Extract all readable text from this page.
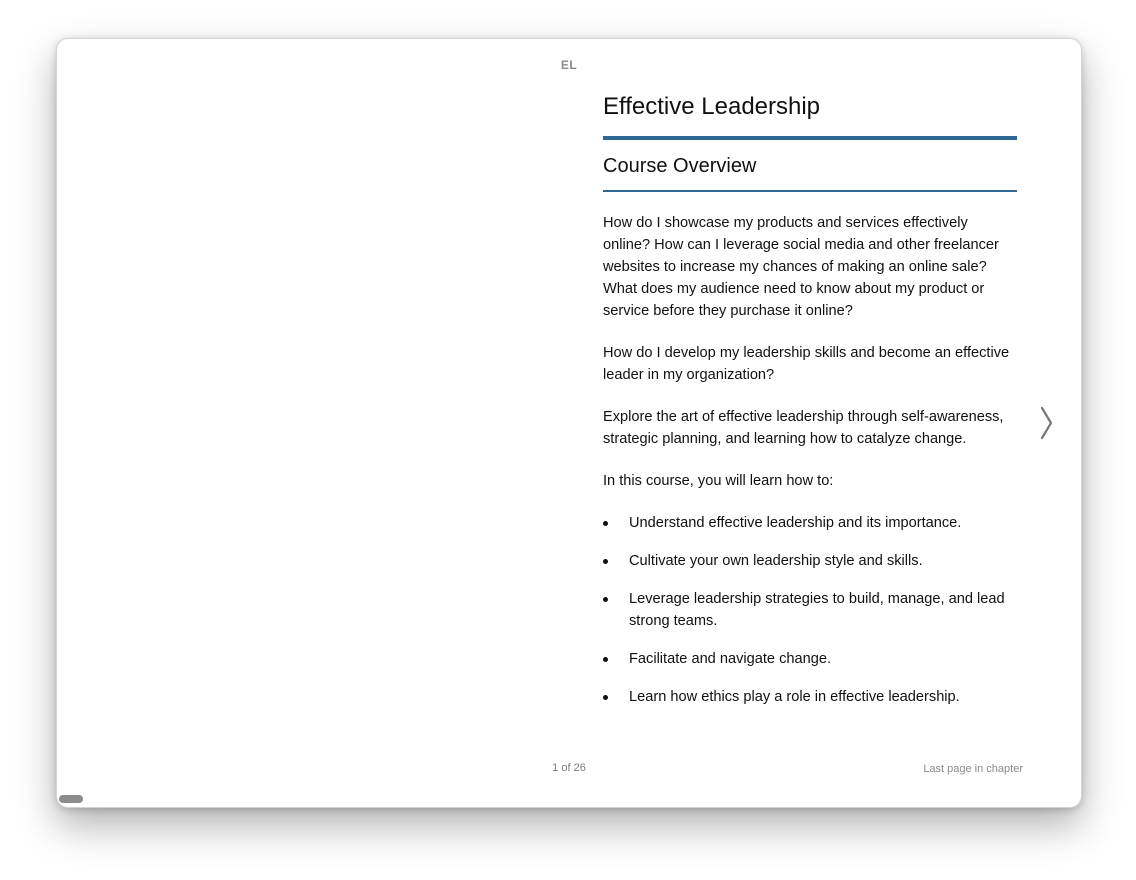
EL
Effective Leadership
Course Overview

How do I showcase my products and services effectively online? How can I leverage social media and other freelancer websites to increase my chances of making an online sale? What does my audience need to know about my product or service before they purchase it online?

How do I develop my leadership skills and become an effective leader in my organization?

Explore the art of effective leadership through self-awareness, strategic planning, and learning how to catalyze change.

In this course, you will learn how to:

Understand effective leadership and its importance.
Cultivate your own leadership style and skills.
Leverage leadership strategies to build, manage, and lead strong teams.
Facilitate and navigate change.
Learn how ethics play a role in effective leadership.
1 of 26	Last page in chapter
